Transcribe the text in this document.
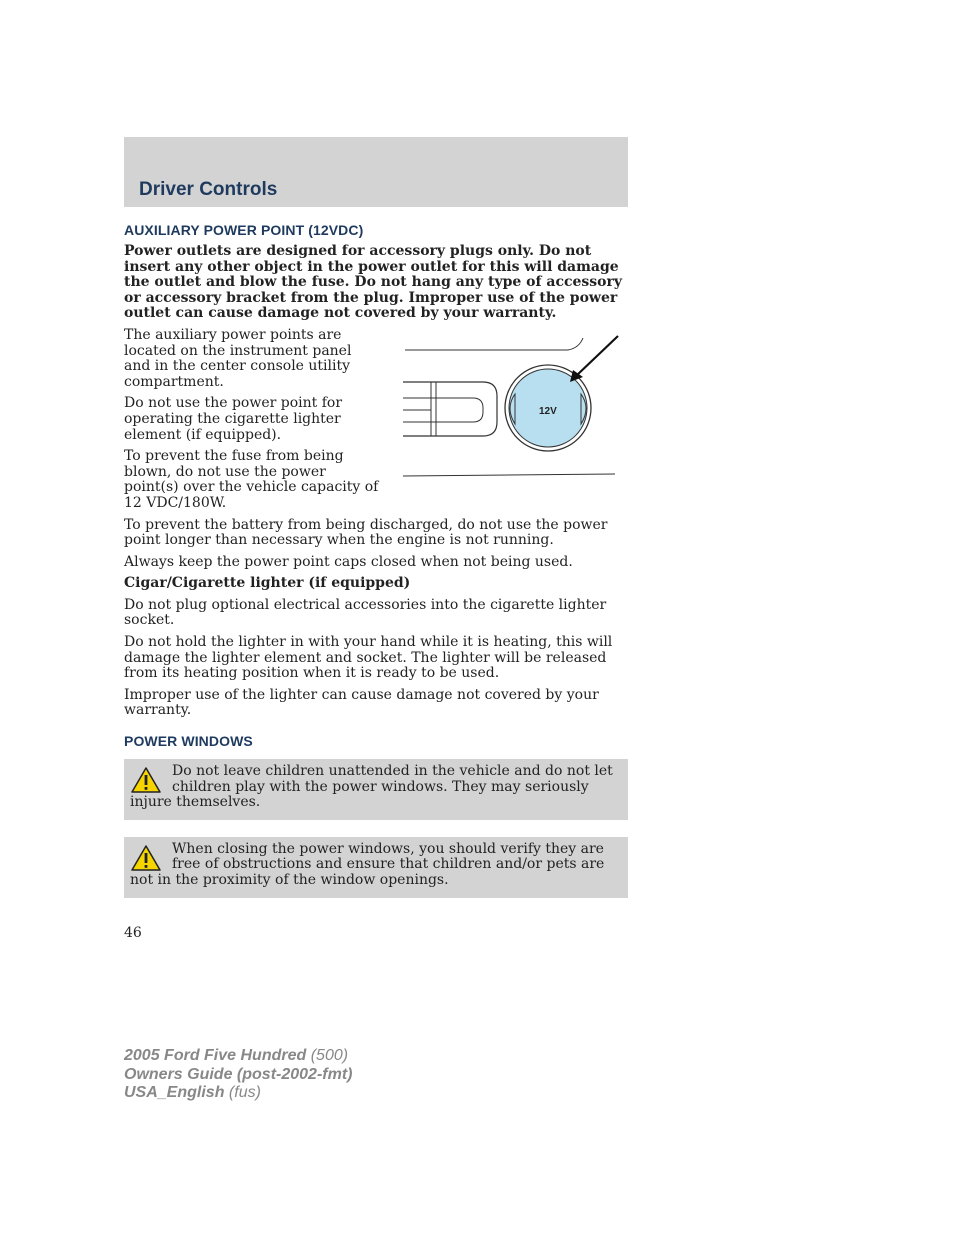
Driver Controls
AUXILIARY POWER POINT (12VDC)

Power outlets are designed for accessory plugs only. Do not insert any other object in the power outlet for this will damage the outlet and blow the fuse. Do not hang any type of accessory or accessory bracket from the plug. Improper use of the power outlet can cause damage not covered by your warranty.

The auxiliary power points are located on the instrument panel and in the center console utility compartment.

Do not use the power point for operating the cigarette lighter element (if equipped).

To prevent the fuse from being blown, do not use the power point(s) over the vehicle capacity of 12 VDC/180W.

12V

To prevent the battery from being discharged, do not use the power point longer than necessary when the engine is not running.

Always keep the power point caps closed when not being used.

Cigar/Cigarette lighter (if equipped)

Do not plug optional electrical accessories into the cigarette lighter socket.

Do not hold the lighter in with your hand while it is heating, this will damage the lighter element and socket. The lighter will be released from its heating position when it is ready to be used.

Improper use of the lighter can cause damage not covered by your warranty.

POWER WINDOWS

Do not leave children unattended in the vehicle and do not let children play with the power windows. They may seriously injure themselves.

When closing the power windows, you should verify they are free of obstructions and ensure that children and/or pets are not in the proximity of the window openings.

46
2005 Ford Five Hundred (500)
Owners Guide (post-2002-fmt)
USA_English (fus)
